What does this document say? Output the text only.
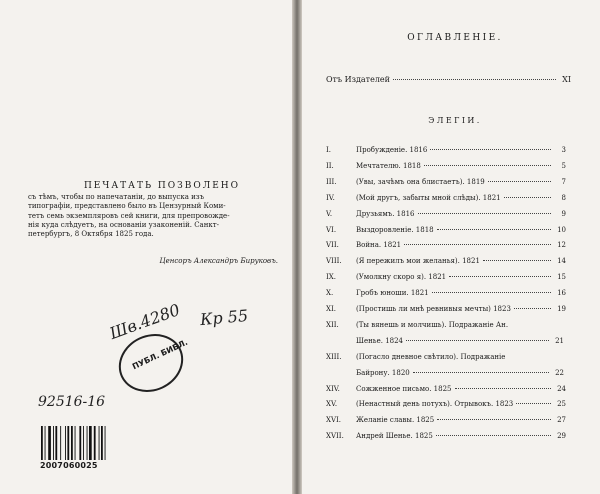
ПЕЧАТАТЬ ПОЗВОЛЕНО
съ тѣмъ, чтобы по напечатаніи, до выпуска изъ
типографіи, представлено было въ Цензурный Коми-
тетъ семь экземпляровъ сей книги, для препровожде-
нія куда слѣдуетъ, на основаніи узаконеній. Санкт-
петербургъ, 8 Октября 1825 года.
Ценсоръ Александръ Бируковъ.
Шв.4280 Кр 55
ПУБЛ. БИБЛ.
92516-16
2007060025
ОГЛАВЛЕНІЕ.
Отъ Издателей	XI
ЭЛЕГІИ.
I.	Пробужденіе. 1816	3
II.	Мечтателю. 1818	5
III.	(Увы, зачѣмъ она блистаетъ). 1819	7
IV.	(Мой другъ, забыты мной слѣды). 1821	8
V.	Друзьямъ. 1816	9
VI.	Выздоровленіе. 1818	10
VII.	Война. 1821	12
VIII.	(Я пережилъ мои желанья). 1821	14
IX.	(Умолкну скоро я). 1821	15
X.	Гробъ юноши. 1821	16
XI.	(Простишь ли мнѣ ревнивыя мечты) 1823	19
XII.	(Ты вянешь и молчишь). Подражаніе Ан.
Шенье. 1824	21
XIII.	(Погасло дневное свѣтило). Подражаніе
Байрону. 1820	22
XIV.	Сожженное письмо. 1825	24
XV.	(Ненастный день потухъ). Отрывокъ. 1823	25
XVI.	Желаніе славы. 1825	27
XVII.	Андрей Шенье. 1825	29
